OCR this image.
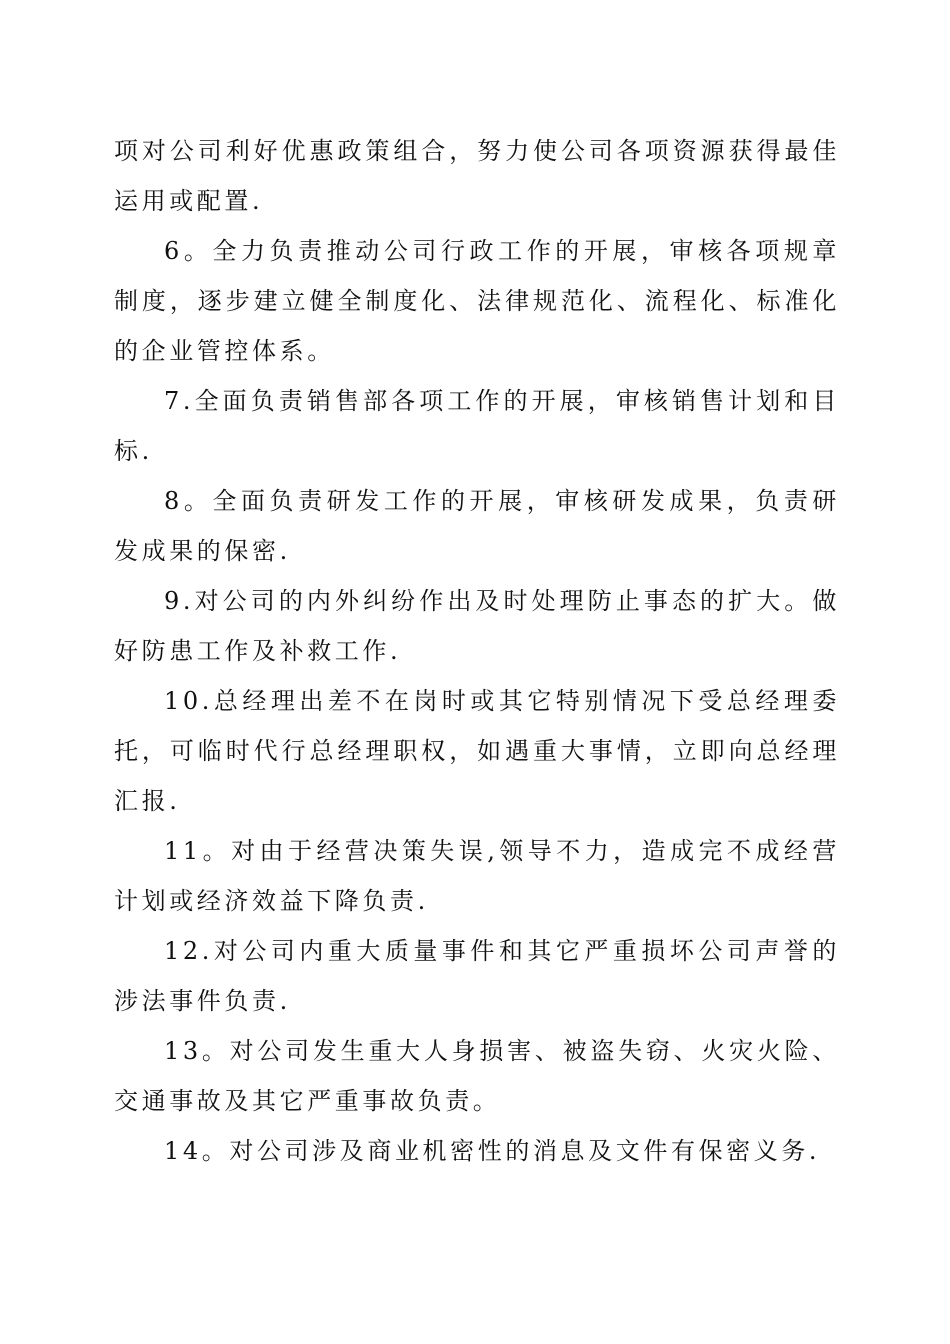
项对公司利好优惠政策组合，努力使公司各项资源获得最佳运用或配置.

6。全力负责推动公司行政工作的开展，审核各项规章制度，逐步建立健全制度化、法律规范化、流程化、标准化的企业管控体系。

7.全面负责销售部各项工作的开展，审核销售计划和目标.

8。全面负责研发工作的开展，审核研发成果，负责研发成果的保密.

9.对公司的内外纠纷作出及时处理防止事态的扩大。做好防患工作及补救工作.

10.总经理出差不在岗时或其它特别情况下受总经理委托，可临时代行总经理职权，如遇重大事情，立即向总经理汇报.

11。对由于经营决策失误,领导不力，造成完不成经营计划或经济效益下降负责.

12.对公司内重大质量事件和其它严重损坏公司声誉的涉法事件负责.

13。对公司发生重大人身损害、被盗失窃、火灾火险、交通事故及其它严重事故负责。

14。对公司涉及商业机密性的消息及文件有保密义务.
